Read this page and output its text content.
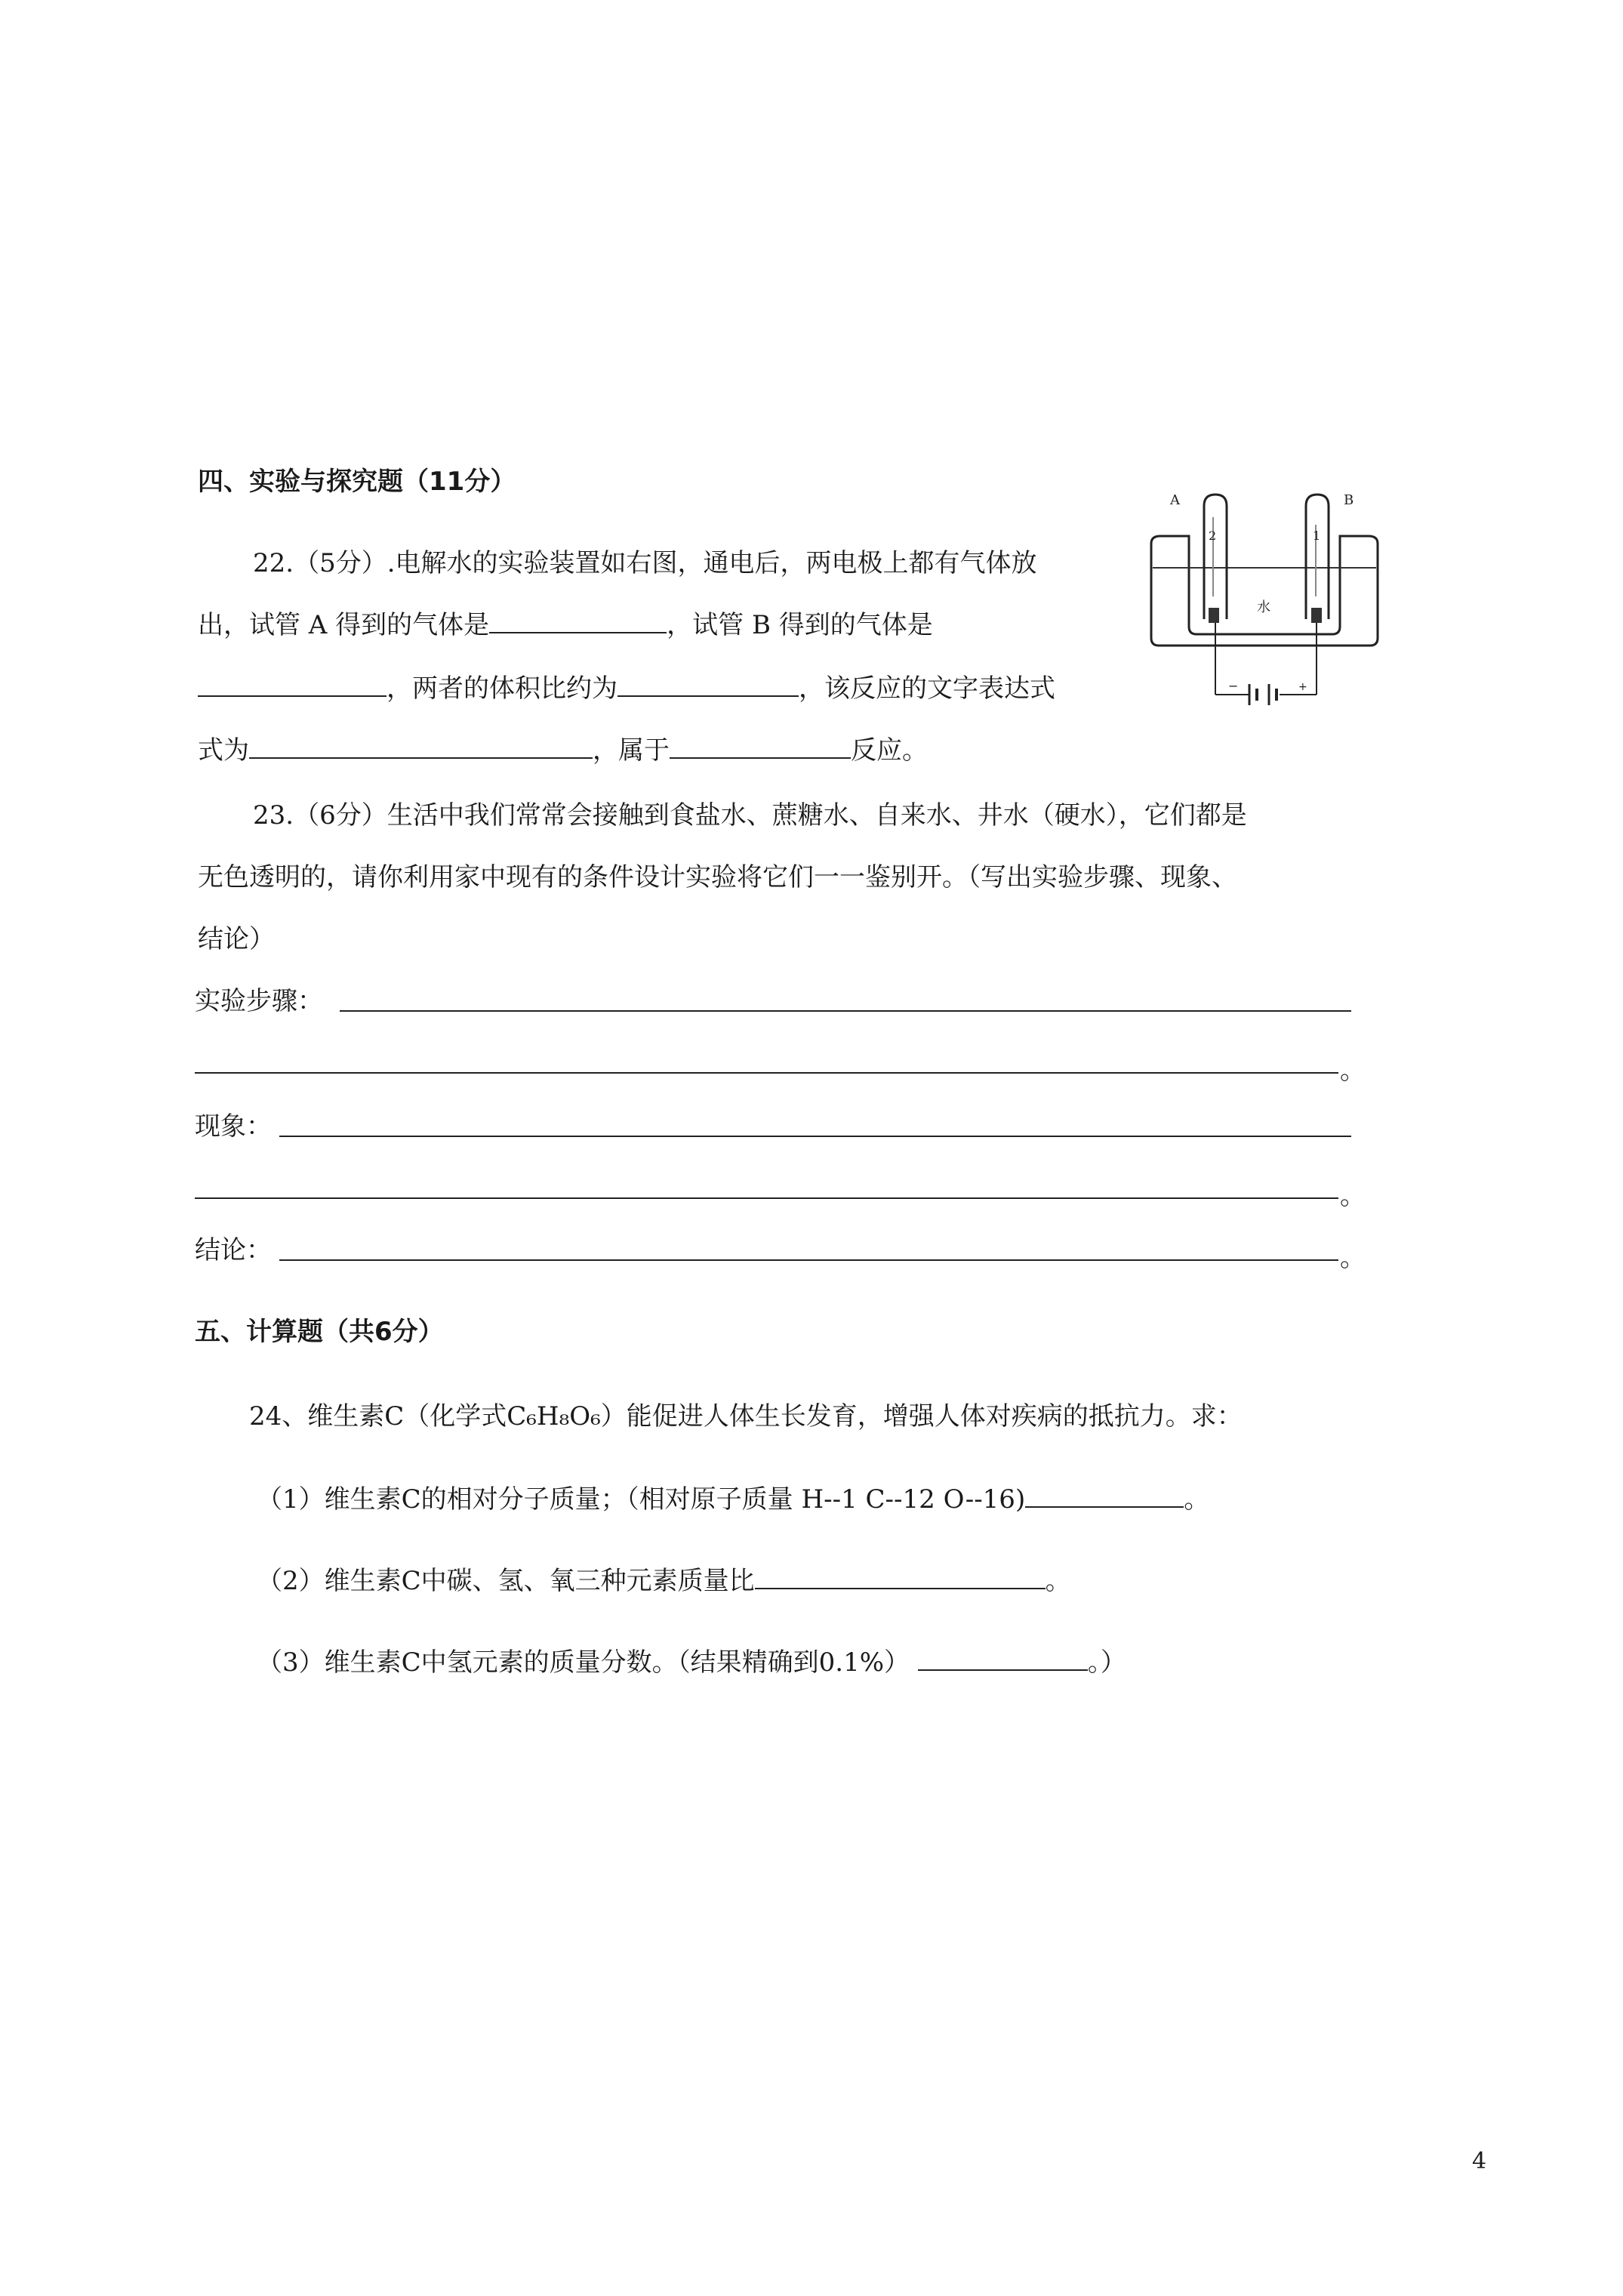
四、实验与探究题（11分）
22.（5分）.电解水的实验装置如右图，通电后，两电极上都有气体放
出，试管 A 得到的气体是	，试管 B 得到的气体是
，两者的体积比约为	，该反应的文字表达式
式为	，属于	反应。
A	B
2	1
水
−	+
23.（6分）生活中我们常常会接触到食盐水、蔗糖水、自来水、井水（硬水），它们都是
无色透明的，请你利用家中现有的条件设计实验将它们一一鉴别开。（写出实验步骤、现象、
结论）
实验步骤：
。
现象：
。
结论：	。
五、计算题（共6分）
24、维生素C（化学式C₆H₈O₆）能促进人体生长发育，增强人体对疾病的抵抗力。求：
（1）维生素C的相对分子质量；（相对原子质量 H--1 C--12 O--16)	。
（2）维生素C中碳、氢、氧三种元素质量比	。
（3）维生素C中氢元素的质量分数。（结果精确到0.1%）	。）
4
